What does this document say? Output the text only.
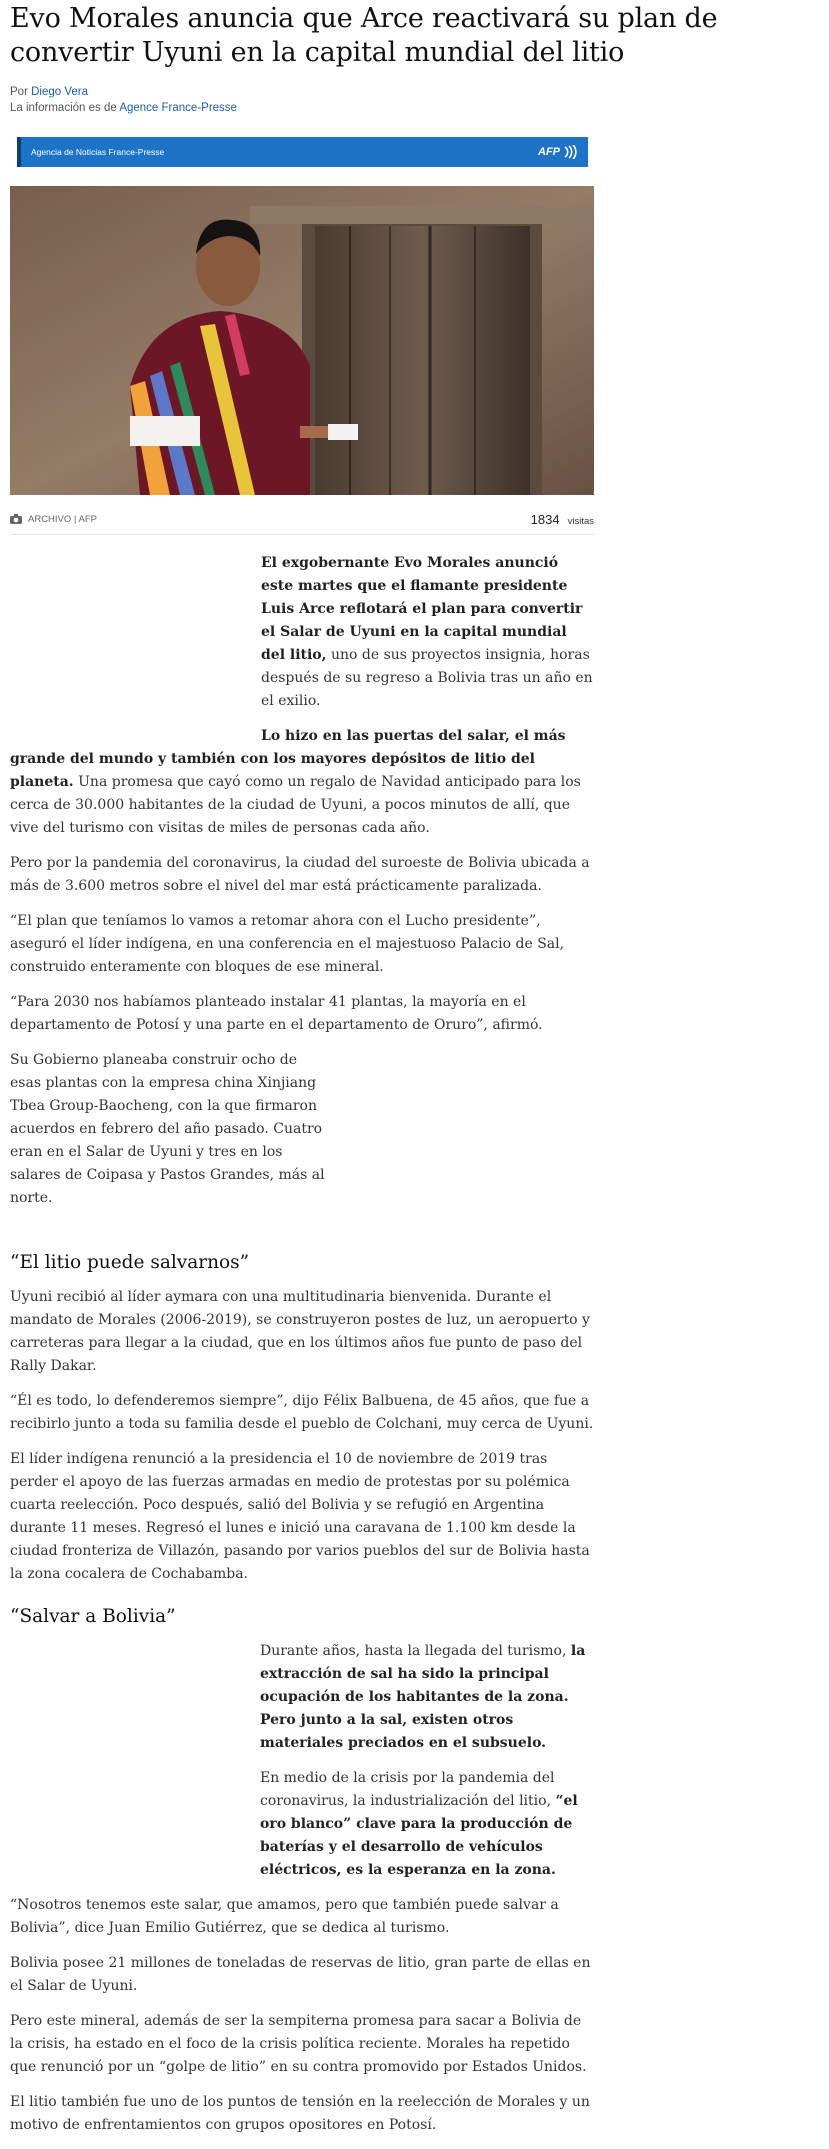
Evo Morales anuncia que Arce reactivará su plan de convertir Uyuni en la capital mundial del litio
Por Diego Vera
La información es de Agence France-Presse
Agencia de Noticias France-Presse	AFP
ARCHIVO | AFP	1834 visitas

El exgobernante Evo Morales anunció este martes que el flamante presidente Luis Arce reflotará el plan para convertir el Salar de Uyuni en la capital mundial del litio, uno de sus proyectos insignia, horas después de su regreso a Bolivia tras un año en el exilio.

Lo hizo en las puertas del salar, el más grande del mundo y también con los mayores depósitos de litio del planeta. Una promesa que cayó como un regalo de Navidad anticipado para los cerca de 30.000 habitantes de la ciudad de Uyuni, a pocos minutos de allí, que vive del turismo con visitas de miles de personas cada año.

Pero por la pandemia del coronavirus, la ciudad del suroeste de Bolivia ubicada a más de 3.600 metros sobre el nivel del mar está prácticamente paralizada.

“El plan que teníamos lo vamos a retomar ahora con el Lucho presidente”, aseguró el líder indígena, en una conferencia en el majestuoso Palacio de Sal, construido enteramente con bloques de ese mineral.

“Para 2030 nos habíamos planteado instalar 41 plantas, la mayoría en el departamento de Potosí y una parte en el departamento de Oruro”, afirmó.

Su Gobierno planeaba construir ocho de esas plantas con la empresa china Xinjiang Tbea Group-Baocheng, con la que firmaron acuerdos en febrero del año pasado. Cuatro eran en el Salar de Uyuni y tres en los salares de Coipasa y Pastos Grandes, más al norte.

“El litio puede salvarnos”

Uyuni recibió al líder aymara con una multitudinaria bienvenida. Durante el mandato de Morales (2006-2019), se construyeron postes de luz, un aeropuerto y carreteras para llegar a la ciudad, que en los últimos años fue punto de paso del Rally Dakar.

“Él es todo, lo defenderemos siempre”, dijo Félix Balbuena, de 45 años, que fue a recibirlo junto a toda su familia desde el pueblo de Colchani, muy cerca de Uyuni.

El líder indígena renunció a la presidencia el 10 de noviembre de 2019 tras perder el apoyo de las fuerzas armadas en medio de protestas por su polémica cuarta reelección. Poco después, salió del Bolivia y se refugió en Argentina durante 11 meses. Regresó el lunes e inició una caravana de 1.100 km desde la ciudad fronteriza de Villazón, pasando por varios pueblos del sur de Bolivia hasta la zona cocalera de Cochabamba.

“Salvar a Bolivia”

Durante años, hasta la llegada del turismo, la extracción de sal ha sido la principal ocupación de los habitantes de la zona. Pero junto a la sal, existen otros materiales preciados en el subsuelo.

En medio de la crisis por la pandemia del coronavirus, la industrialización del litio, “el oro blanco” clave para la producción de baterías y el desarrollo de vehículos eléctricos, es la esperanza en la zona.

“Nosotros tenemos este salar, que amamos, pero que también puede salvar a Bolivia”, dice Juan Emilio Gutiérrez, que se dedica al turismo.

Bolivia posee 21 millones de toneladas de reservas de litio, gran parte de ellas en el Salar de Uyuni.

Pero este mineral, además de ser la sempiterna promesa para sacar a Bolivia de la crisis, ha estado en el foco de la crisis política reciente. Morales ha repetido que renunció por un “golpe de litio” en su contra promovido por Estados Unidos.

El litio también fue uno de los puntos de tensión en la reelección de Morales y un motivo de enfrentamientos con grupos opositores en Potosí.
